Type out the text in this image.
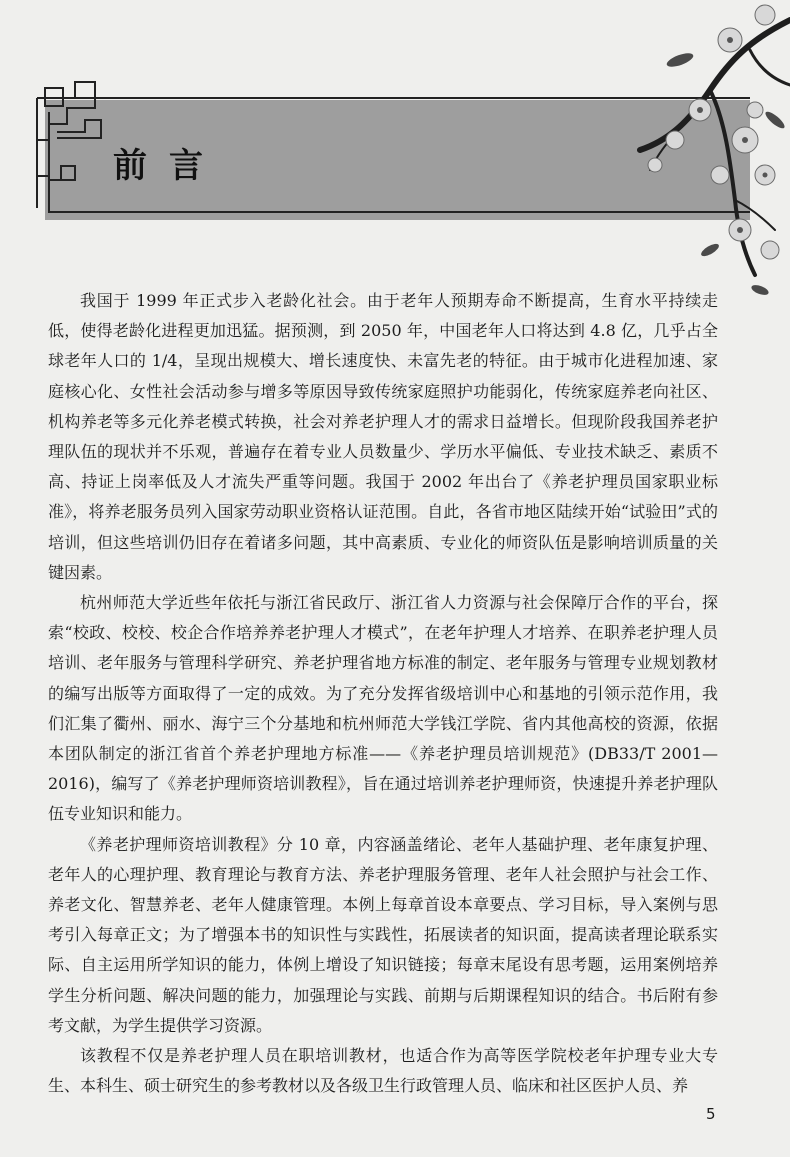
前言

我国于 1999 年正式步入老龄化社会。由于老年人预期寿命不断提高，生育水平持续走低，使得老龄化进程更加迅猛。据预测，到 2050 年，中国老年人口将达到 4.8 亿，几乎占全球老年人口的 1/4，呈现出规模大、增长速度快、未富先老的特征。由于城市化进程加速、家庭核心化、女性社会活动参与增多等原因导致传统家庭照护功能弱化，传统家庭养老向社区、机构养老等多元化养老模式转换，社会对养老护理人才的需求日益增长。但现阶段我国养老护理队伍的现状并不乐观，普遍存在着专业人员数量少、学历水平偏低、专业技术缺乏、素质不高、持证上岗率低及人才流失严重等问题。我国于 2002 年出台了《养老护理员国家职业标准》，将养老服务员列入国家劳动职业资格认证范围。自此，各省市地区陆续开始“试验田”式的培训，但这些培训仍旧存在着诸多问题，其中高素质、专业化的师资队伍是影响培训质量的关键因素。

杭州师范大学近些年依托与浙江省民政厅、浙江省人力资源与社会保障厅合作的平台，探索“校政、校校、校企合作培养养老护理人才模式”，在老年护理人才培养、在职养老护理人员培训、老年服务与管理科学研究、养老护理省地方标准的制定、老年服务与管理专业规划教材的编写出版等方面取得了一定的成效。为了充分发挥省级培训中心和基地的引领示范作用，我们汇集了衢州、丽水、海宁三个分基地和杭州师范大学钱江学院、省内其他高校的资源，依据本团队制定的浙江省首个养老护理地方标准——《养老护理员培训规范》(DB33/T 2001—2016)，编写了《养老护理师资培训教程》，旨在通过培训养老护理师资，快速提升养老护理队伍专业知识和能力。

《养老护理师资培训教程》分 10 章，内容涵盖绪论、老年人基础护理、老年康复护理、老年人的心理护理、教育理论与教育方法、养老护理服务管理、老年人社会照护与社会工作、养老文化、智慧养老、老年人健康管理。本例上每章首设本章要点、学习目标，导入案例与思考引入每章正文；为了增强本书的知识性与实践性，拓展读者的知识面，提高读者理论联系实际、自主运用所学知识的能力，体例上增设了知识链接；每章末尾设有思考题，运用案例培养学生分析问题、解决问题的能力，加强理论与实践、前期与后期课程知识的结合。书后附有参考文献，为学生提供学习资源。

该教程不仅是养老护理人员在职培训教材，也适合作为高等医学院校老年护理专业大专生、本科生、硕士研究生的参考教材以及各级卫生行政管理人员、临床和社区医护人员、养

5
